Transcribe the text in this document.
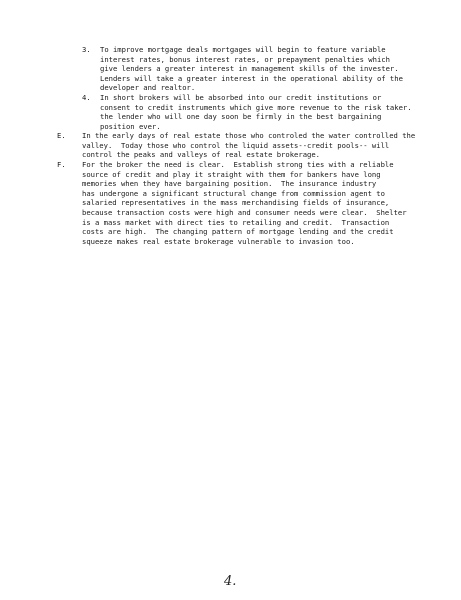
3. To improve mortgage deals mortgages will begin to feature variable
interest rates, bonus interest rates, or prepayment penalties which
give lenders a greater interest in management skills of the invester.
Lenders will take a greater interest in the operational ability of the
developer and realtor.
4. In short brokers will be absorbed into our credit institutions or
consent to credit instruments which give more revenue to the risk taker.
the lender who will one day soon be firmly in the best bargaining
position ever.
E. In the early days of real estate those who controled the water controlled the
valley.  Today those who control the liquid assets--credit pools-- will
control the peaks and valleys of real estate brokerage.
F. For the broker the need is clear.  Establish strong ties with a reliable
source of credit and play it straight with them for bankers have long
memories when they have bargaining position.  The insurance industry
has undergone a significant structural change from commission agent to
salaried representatives in the mass merchandising fields of insurance,
because transaction costs were high and consumer needs were clear.  Shelter
is a mass market with direct ties to retailing and credit.  Transaction
costs are high.  The changing pattern of mortgage lending and the credit
squeeze makes real estate brokerage vulnerable to invasion too.
4.
